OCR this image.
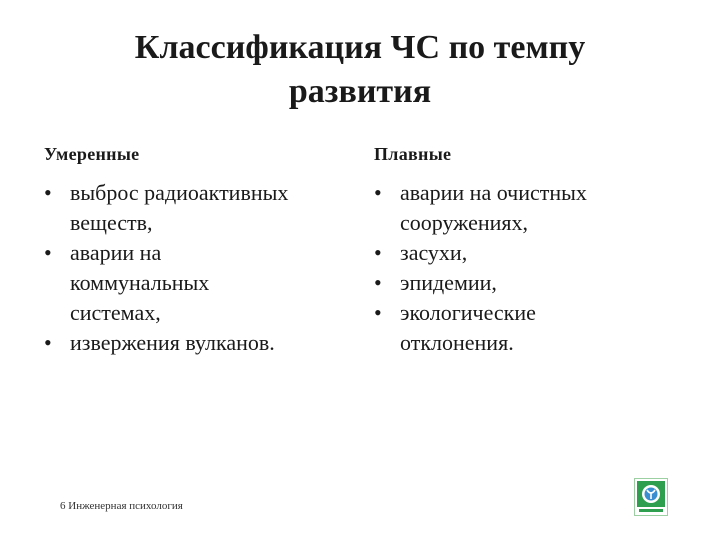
Классификация ЧС по темпу
развития
Умеренные	Плавные
• выброс радиоактивных
веществ,
• аварии на
коммунальных
системах,
• извержения вулканов.
• аварии на очистных
сооружениях,
• засухи,
• эпидемии,
• экологические
отклонения.
6 Инженерная психология
